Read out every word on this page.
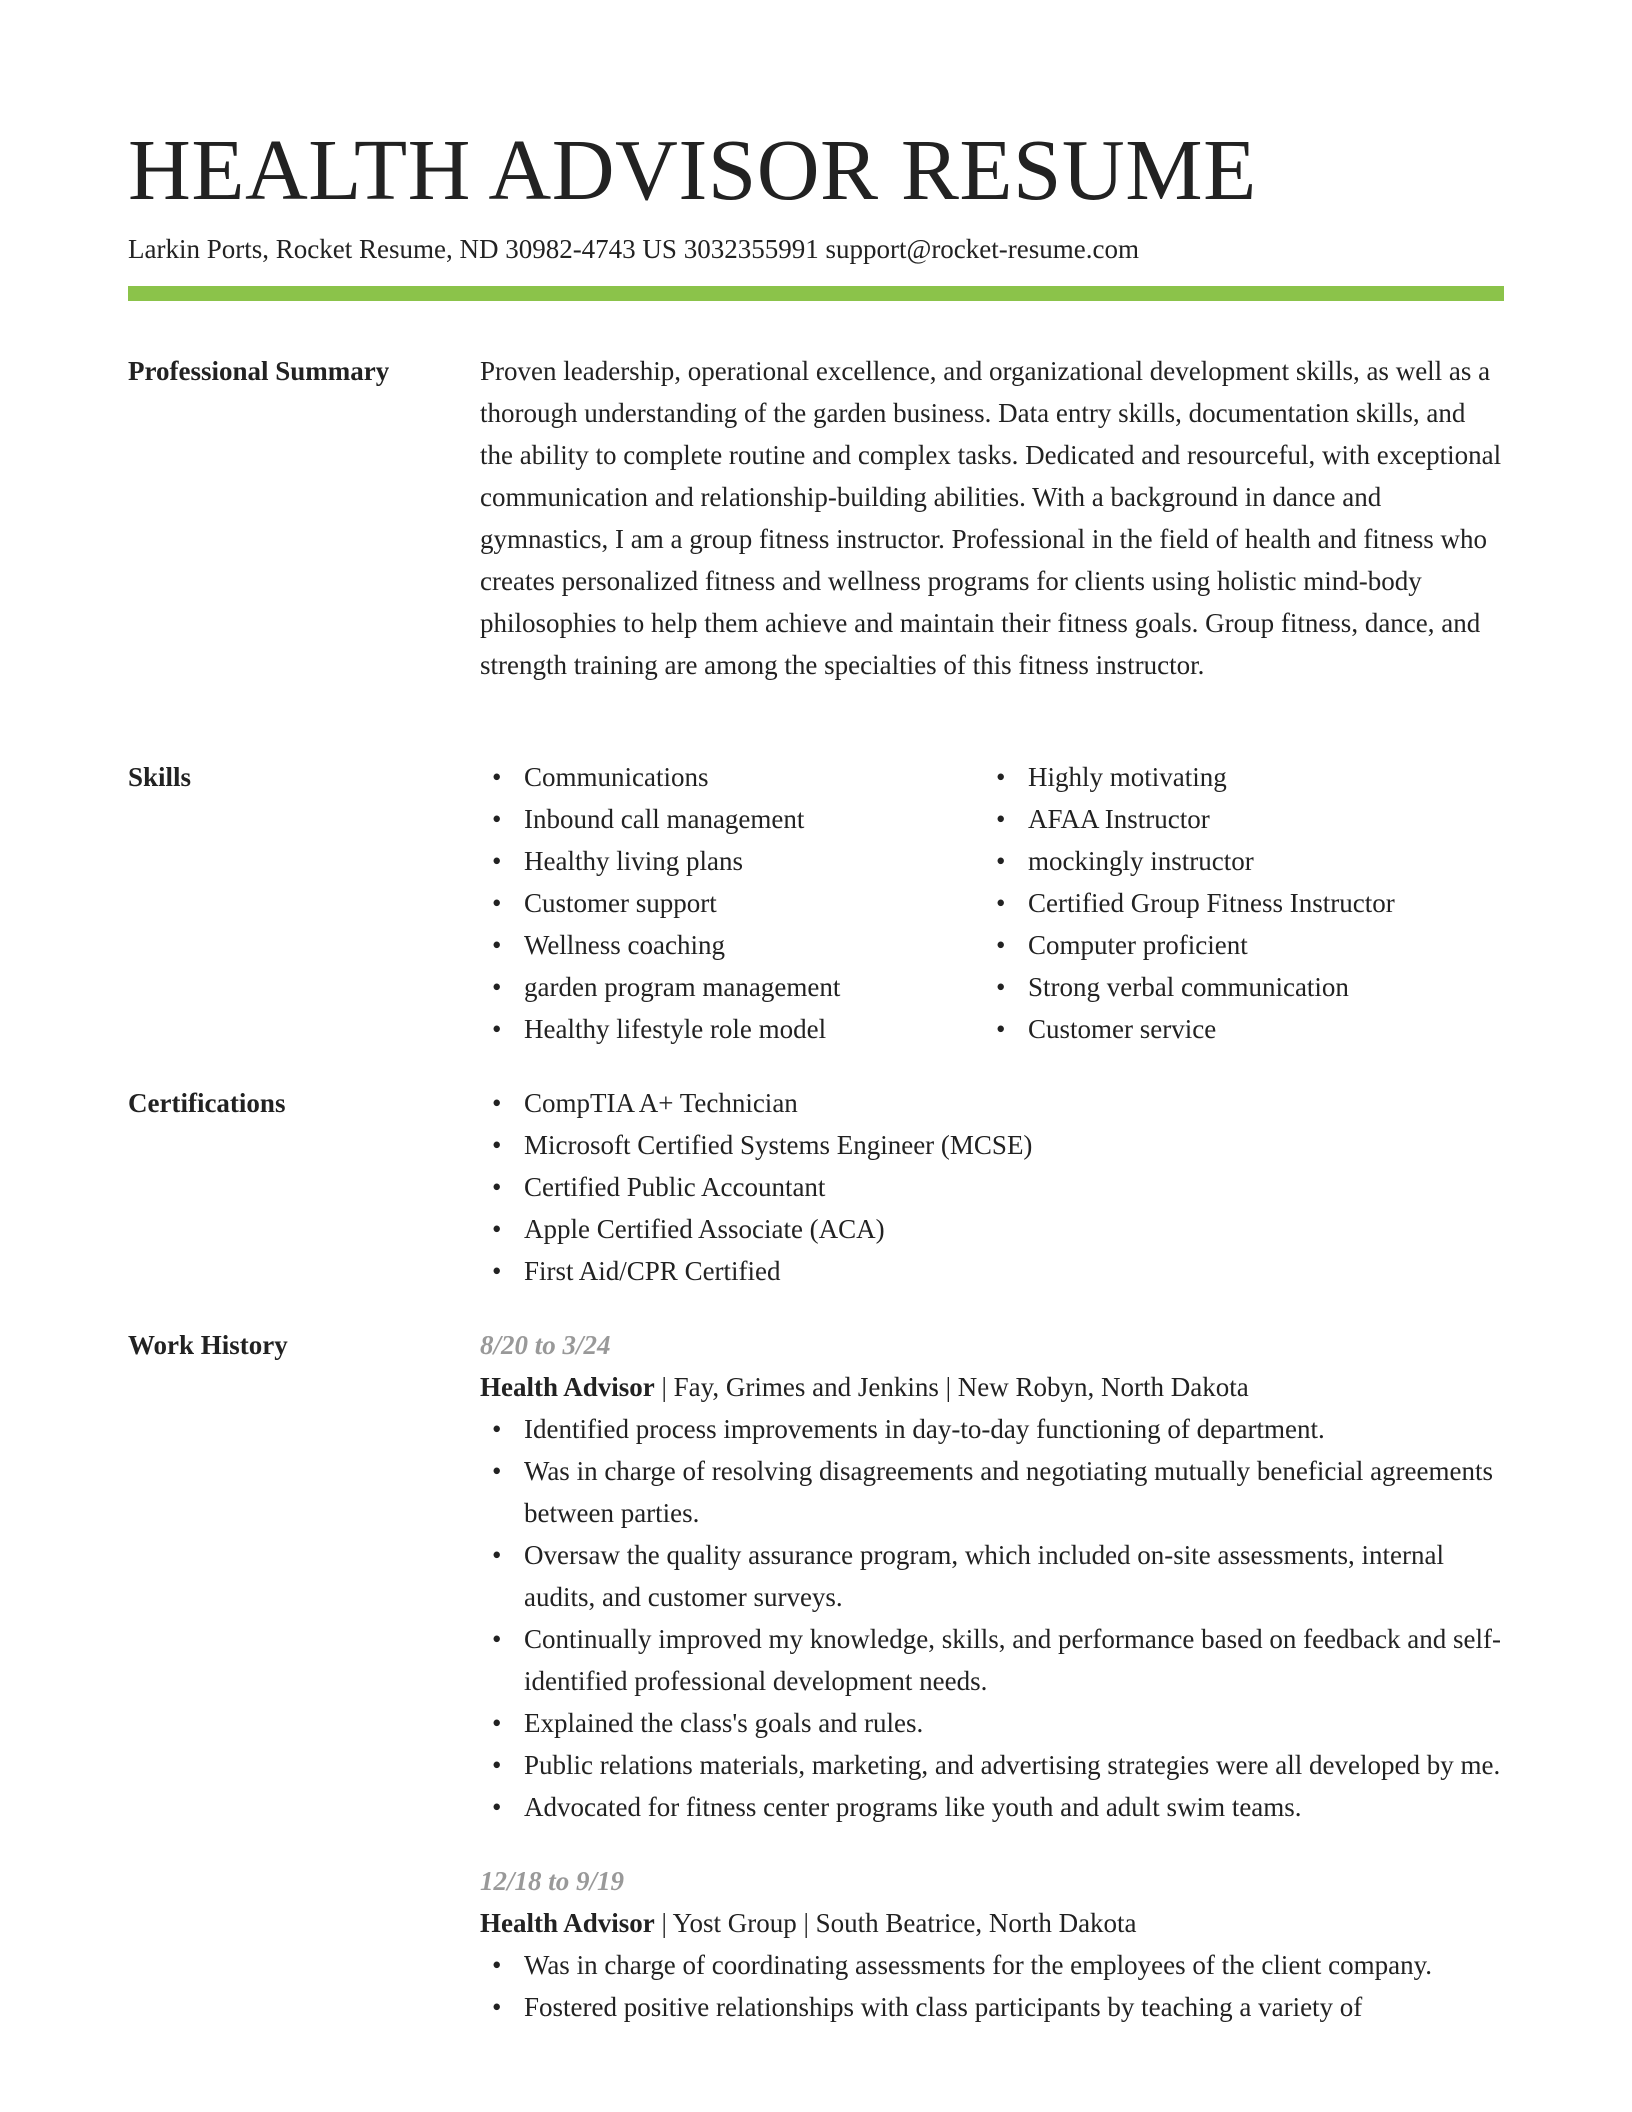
HEALTH ADVISOR RESUME
Larkin Ports, Rocket Resume, ND 30982-4743 US 3032355991 support@rocket-resume.com
Professional Summary	Proven leadership, operational excellence, and organizational development skills, as well as a thorough understanding of the garden business. Data entry skills, documentation skills, and the ability to complete routine and complex tasks. Dedicated and resourceful, with exceptional communication and relationship-building abilities. With a background in dance and gymnastics, I am a group fitness instructor. Professional in the field of health and fitness who creates personalized fitness and wellness programs for clients using holistic mind-body philosophies to help them achieve and maintain their fitness goals. Group fitness, dance, and strength training are among the specialties of this fitness instructor.

Skills	• Communications
• Inbound call management
• Healthy living plans
• Customer support
• Wellness coaching
• garden program management
• Healthy lifestyle role model
• Highly motivating
• AFAA Instructor
• mockingly instructor
• Certified Group Fitness Instructor
• Computer proficient
• Strong verbal communication
• Customer service
Certifications	• CompTIA A+ Technician
• Microsoft Certified Systems Engineer (MCSE)
• Certified Public Accountant
• Apple Certified Associate (ACA)
• First Aid/CPR Certified
Work History	8/20 to 3/24
Health Advisor | Fay, Grimes and Jenkins | New Robyn, North Dakota
• Identified process improvements in day-to-day functioning of department.
• Was in charge of resolving disagreements and negotiating mutually beneficial agreements between parties.
• Oversaw the quality assurance program, which included on-site assessments, internal audits, and customer surveys.
• Continually improved my knowledge, skills, and performance based on feedback and self-identified professional development needs.
• Explained the class's goals and rules.
• Public relations materials, marketing, and advertising strategies were all developed by me.
• Advocated for fitness center programs like youth and adult swim teams.
12/18 to 9/19
Health Advisor | Yost Group | South Beatrice, North Dakota
• Was in charge of coordinating assessments for the employees of the client company.
• Fostered positive relationships with class participants by teaching a variety of
